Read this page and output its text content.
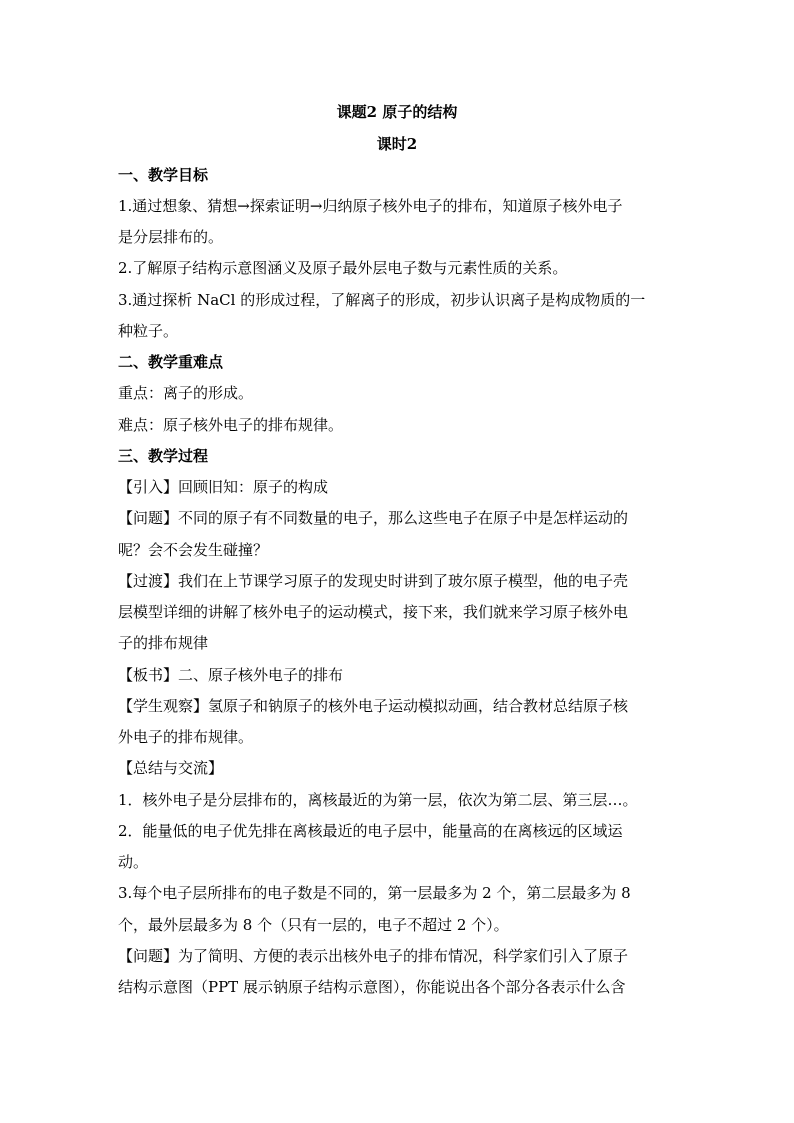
课题2 原子的结构
课时2
一、教学目标
1.通过想象、猜想→探索证明→归纳原子核外电子的排布，知道原子核外电子
是分层排布的。
2.了解原子结构示意图涵义及原子最外层电子数与元素性质的关系。
3.通过探析 NaCl 的形成过程，了解离子的形成，初步认识离子是构成物质的一
种粒子。
二、教学重难点
重点：离子的形成。
难点：原子核外电子的排布规律。
三、教学过程
【引入】回顾旧知：原子的构成
【问题】不同的原子有不同数量的电子，那么这些电子在原子中是怎样运动的
呢？会不会发生碰撞？
【过渡】我们在上节课学习原子的发现史时讲到了玻尔原子模型，他的电子壳
层模型详细的讲解了核外电子的运动模式，接下来，我们就来学习原子核外电
子的排布规律
【板书】二、原子核外电子的排布
【学生观察】氢原子和钠原子的核外电子运动模拟动画，结合教材总结原子核
外电子的排布规律。
【总结与交流】
1．核外电子是分层排布的，离核最近的为第一层，依次为第二层、第三层…。
2．能量低的电子优先排在离核最近的电子层中，能量高的在离核远的区域运
动。
3.每个电子层所排布的电子数是不同的，第一层最多为 2 个，第二层最多为 8
个，最外层最多为 8 个（只有一层的，电子不超过 2 个）。
【问题】为了简明、方便的表示出核外电子的排布情况，科学家们引入了原子
结构示意图（PPT 展示钠原子结构示意图），你能说出各个部分各表示什么含
